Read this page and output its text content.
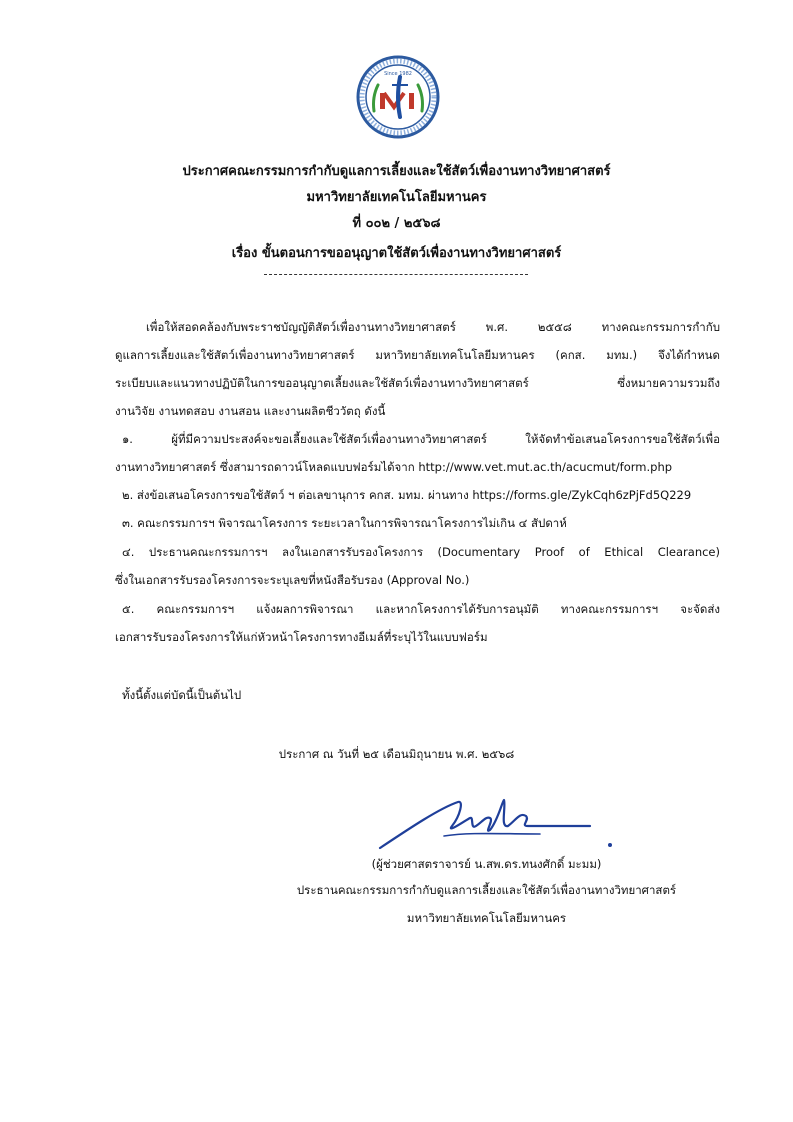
Since 1982
ประกาศคณะกรรมการกำกับดูแลการเลี้ยงและใช้สัตว์เพื่องานทางวิทยาศาสตร์
มหาวิทยาลัยเทคโนโลยีมหานคร
ที่ ๐๐๒ / ๒๕๖๘
เรื่อง ขั้นตอนการขออนุญาตใช้สัตว์เพื่องานทางวิทยาศาสตร์
เพื่อให้สอดคล้องกับพระราชบัญญัติสัตว์เพื่องานทางวิทยาศาสตร์ พ.ศ. ๒๕๕๘ ทางคณะกรรมการกำกับ
ดูแลการเลี้ยงและใช้สัตว์เพื่องานทางวิทยาศาสตร์ มหาวิทยาลัยเทคโนโลยีมหานคร (คกส. มทม.) จึงได้กำหนด
ระเบียบและแนวทางปฏิบัติในการขออนุญาตเลี้ยงและใช้สัตว์เพื่องานทางวิทยาศาสตร์ ซึ่งหมายความรวมถึง
งานวิจัย งานทดสอบ งานสอน และงานผลิตชีววัตถุ ดังนี้
๑. ผู้ที่มีความประสงค์จะขอเลี้ยงและใช้สัตว์เพื่องานทางวิทยาศาสตร์ ให้จัดทำข้อเสนอโครงการขอใช้สัตว์เพื่อ
งานทางวิทยาศาสตร์ ซึ่งสามารถดาวน์โหลดแบบฟอร์มได้จาก http://www.vet.mut.ac.th/acucmut/form.php
๒. ส่งข้อเสนอโครงการขอใช้สัตว์ ฯ ต่อเลขานุการ คกส. มทม. ผ่านทาง https://forms.gle/ZykCqh6zPjFd5Q229
๓. คณะกรรมการฯ พิจารณาโครงการ ระยะเวลาในการพิจารณาโครงการไม่เกิน ๔ สัปดาห์
๔. ประธานคณะกรรมการฯ ลงในเอกสารรับรองโครงการ (Documentary Proof of Ethical Clearance)
ซึ่งในเอกสารรับรองโครงการจะระบุเลขที่หนังสือรับรอง (Approval No.)
๕. คณะกรรมการฯ แจ้งผลการพิจารณา และหากโครงการได้รับการอนุมัติ ทางคณะกรรมการฯ จะจัดส่ง
เอกสารรับรองโครงการให้แก่หัวหน้าโครงการทางอีเมล์ที่ระบุไว้ในแบบฟอร์ม
ทั้งนี้ตั้งแต่บัดนี้เป็นต้นไป
ประกาศ ณ วันที่ ๒๕ เดือนมิถุนายน พ.ศ. ๒๕๖๘
(ผู้ช่วยศาสตราจารย์ น.สพ.ดร.ทนงศักดิ์ มะมม)
ประธานคณะกรรมการกำกับดูแลการเลี้ยงและใช้สัตว์เพื่องานทางวิทยาศาสตร์
มหาวิทยาลัยเทคโนโลยีมหานคร
